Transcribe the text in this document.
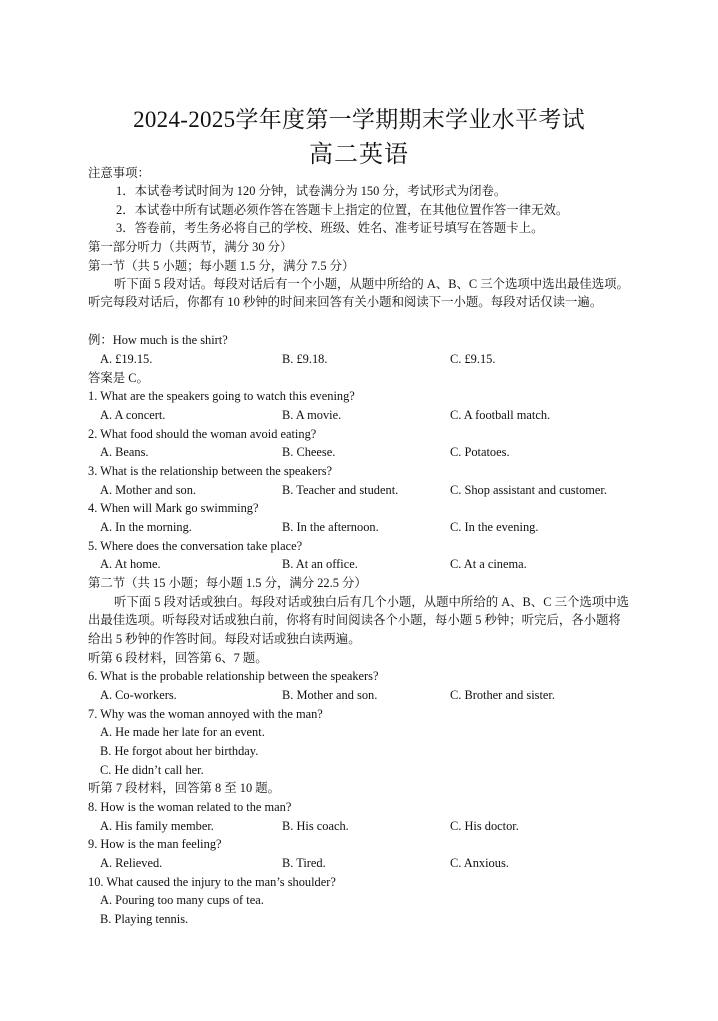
2024-2025学年度第一学期期末学业水平考试
高二英语
注意事项：
1．本试卷考试时间为 120 分钟，试卷满分为 150 分，考试形式为闭卷。
2．本试卷中所有试题必须作答在答题卡上指定的位置，在其他位置作答一律无效。
3．答卷前，考生务必将自己的学校、班级、姓名、准考证号填写在答题卡上。
第一部分听力（共两节，满分 30 分）
第一节（共 5 小题；每小题 1.5 分，满分 7.5 分）
听下面 5 段对话。每段对话后有一个小题，从题中所给的 A、B、C 三个选项中选出最佳选项。听完每段对话后，你都有 10 秒钟的时间来回答有关小题和阅读下一小题。每段对话仅读一遍。
例：How much is the shirt?
A. £19.15.	B. £9.18.	C. £9.15.
答案是 C。
1. What are the speakers going to watch this evening?
A. A concert.	B. A movie.	C. A football match.
2. What food should the woman avoid eating?
A. Beans.	B. Cheese.	C. Potatoes.
3. What is the relationship between the speakers?
A. Mother and son.	B. Teacher and student.	C. Shop assistant and customer.
4. When will Mark go swimming?
A. In the morning.	B. In the afternoon.	C. In the evening.
5. Where does the conversation take place?
A. At home.	B. At an office.	C. At a cinema.
第二节（共 15 小题；每小题 1.5 分，满分 22.5 分）
听下面 5 段对话或独白。每段对话或独白后有几个小题，从题中所给的 A、B、C 三个选项中选出最佳选项。听每段对话或独白前，你将有时间阅读各个小题，每小题 5 秒钟；听完后，各小题将给出 5 秒钟的作答时间。每段对话或独白读两遍。
听第 6 段材料，回答第 6、7 题。
6. What is the probable relationship between the speakers?
A. Co-workers.	B. Mother and son.	C. Brother and sister.
7. Why was the woman annoyed with the man?
A. He made her late for an event.
B. He forgot about her birthday.
C. He didn’t call her.
听第 7 段材料，回答第 8 至 10 题。
8. How is the woman related to the man?
A. His family member.	B. His coach.	C. His doctor.
9. How is the man feeling?
A. Relieved.	B. Tired.	C. Anxious.
10. What caused the injury to the man’s shoulder?
A. Pouring too many cups of tea.
B. Playing tennis.
